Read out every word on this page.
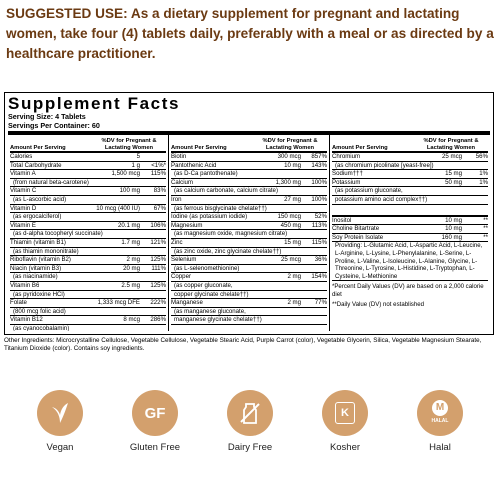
SUGGESTED USE: As a dietary supplement for pregnant and lactating women, take four (4) tablets daily, preferably with a meal or as directed by a healthcare practitioner.
Supplement Facts
Serving Size: 4 Tablets
Servings Per Container: 60
Amount Per Serving
%DV for Pregnant & Lactating Women
Calories	5
Total Carbohydrate	1 g	<1%*
Vitamin A	1,500 mcg	115%
(from natural beta-carotene)
Vitamin C	100 mg	83%
(as L-ascorbic acid)
Vitamin D	10 mcg (400 IU)	67%
(as ergocalciferol)
Vitamin E	20.1 mg	106%
(as d-alpha tocopheryl succinate)
Thiamin (vitamin B1)	1.7 mg	121%
(as thiamin mononitrate)
Riboflavin (vitamin B2)	2 mg	125%
Niacin (vitamin B3)	20 mg	111%
(as niacinamide)
Vitamin B6	2.5 mg	125%
(as pyridoxine HCl)
Folate	1,333 mcg DFE	222%
(800 mcg folic acid)
Vitamin B12	8 mcg	286%
(as cyanocobalamin)
Amount Per Serving
%DV for Pregnant & Lactating Women
Biotin	300 mcg	857%
Pantothenic Acid	10 mg	143%
(as D-Ca pantothenate)
Calcium	1,300 mg	100%
(as calcium carbonate, calcium citrate)
Iron	27 mg	100%
(as ferrous bisglycinate chelate††)
Iodine (as potassium iodide)	150 mcg	52%
Magnesium	450 mg	113%
(as magnesium oxide, magnesium citrate)
Zinc	15 mg	115%
(as zinc oxide, zinc glycinate chelate††)
Selenium	25 mcg	36%
(as L-selenomethionine)
Copper	2 mg	154%
(as copper gluconate,
copper glycinate chelate††)
Manganese	2 mg	77%
(as manganese gluconate,
manganese glycinate chelate††)
Amount Per Serving
%DV for Pregnant & Lactating Women
Chromium	25 mcg	56%
(as chromium picolinate [yeast-free])
Sodium†††	15 mg	1%
Potassium	50 mg	1%
(as potassium gluconate,
potassium amino acid complex††)
Inositol	10 mg	**
Choline Bitartrate	10 mg	**
Soy Protein Isolate	160 mg	**
Providing: L-Glutamic Acid, L-Aspartic Acid, L-Leucine, L-Arginine, L-Lysine, L-Phenylalanine, L-Serine, L-Proline, L-Valine, L-Isoleucine, L-Alanine, Glycine, L-Threonine, L-Tyrosine, L-Histidine, L-Tryptophan, L-Cysteine, L-Methionine
*Percent Daily Values (DV) are based on a 2,000 calorie diet
**Daily Value (DV) not established
Other Ingredients: Microcrystalline Cellulose, Vegetable Cellulose, Vegetable Stearic Acid, Purple Carrot (color), Vegetable Glycerin, Silica, Vegetable Magnesium Stearate, Titanium Dioxide (color). Contains soy ingredients.
Vegan
GF
Gluten Free	Dairy Free
K
Kosher
M
HALAL
Halal
